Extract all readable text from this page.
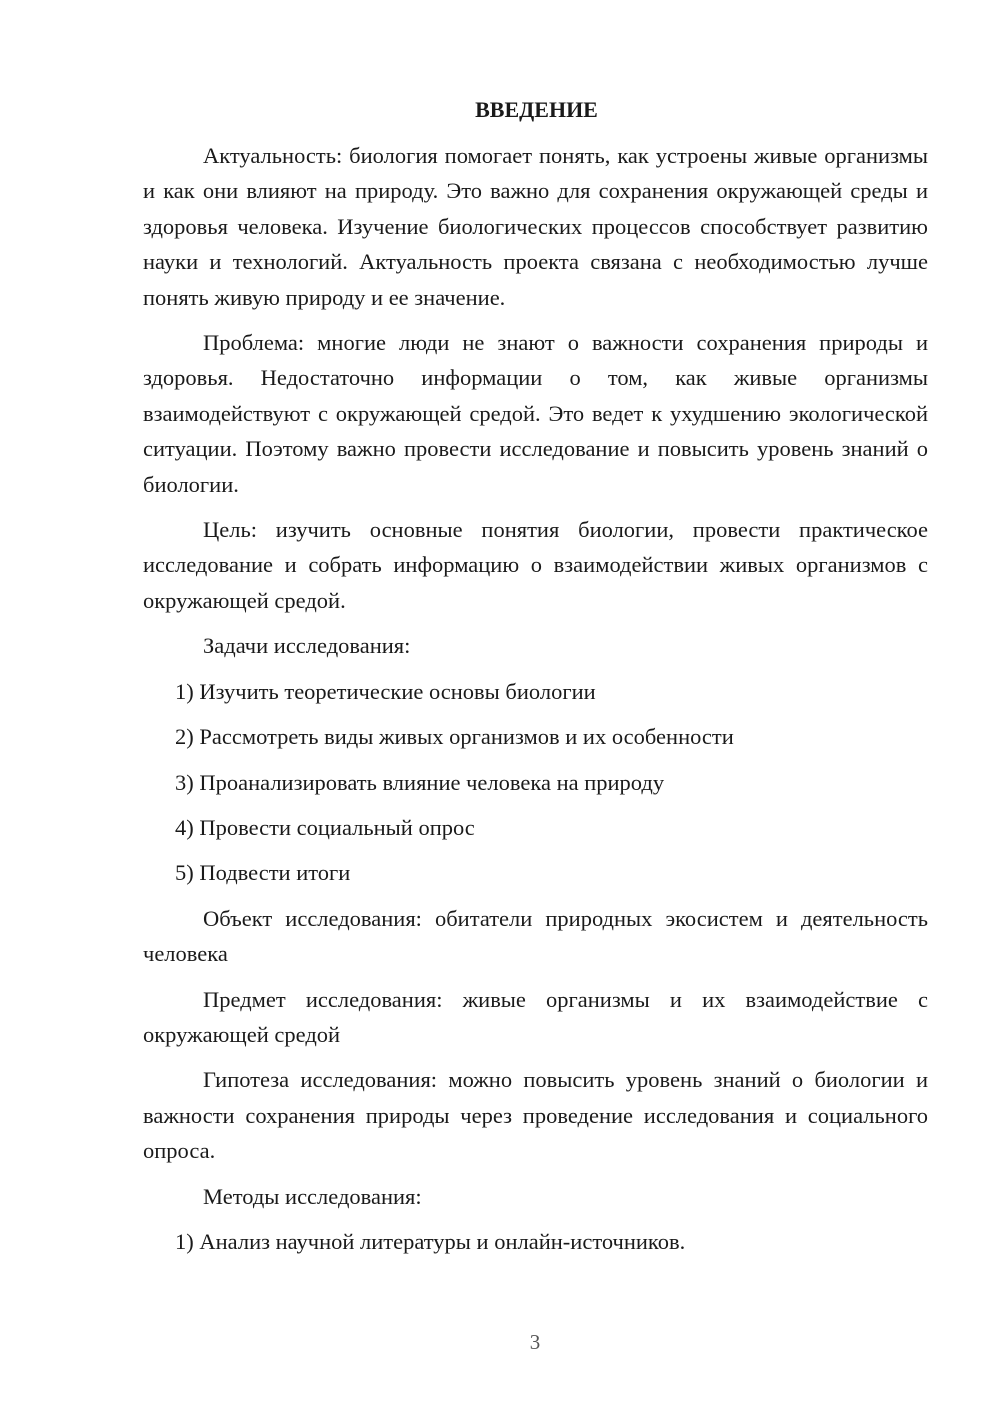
ВВЕДЕНИЕ

Актуальность: биология помогает понять, как устроены живые организмы и как они влияют на природу. Это важно для сохранения окружающей среды и здоровья человека. Изучение биологических процессов способствует развитию науки и технологий. Актуальность проекта связана с необходимостью лучше понять живую природу и ее значение.

Проблема: многие люди не знают о важности сохранения природы и здоровья. Недостаточно информации о том, как живые организмы взаимодействуют с окружающей средой. Это ведет к ухудшению экологической ситуации. Поэтому важно провести исследование и повысить уровень знаний о биологии.

Цель: изучить основные понятия биологии, провести практическое исследование и собрать информацию о взаимодействии живых организмов с окружающей средой.

Задачи исследования:

1) Изучить теоретические основы биологии

2) Рассмотреть виды живых организмов и их особенности

3) Проанализировать влияние человека на природу

4) Провести социальный опрос

5) Подвести итоги

Объект исследования: обитатели природных экосистем и деятельность человека

Предмет исследования: живые организмы и их взаимодействие с окружающей средой

Гипотеза исследования: можно повысить уровень знаний о биологии и важности сохранения природы через проведение исследования и социального опроса.

Методы исследования:

1) Анализ научной литературы и онлайн-источников.

3
